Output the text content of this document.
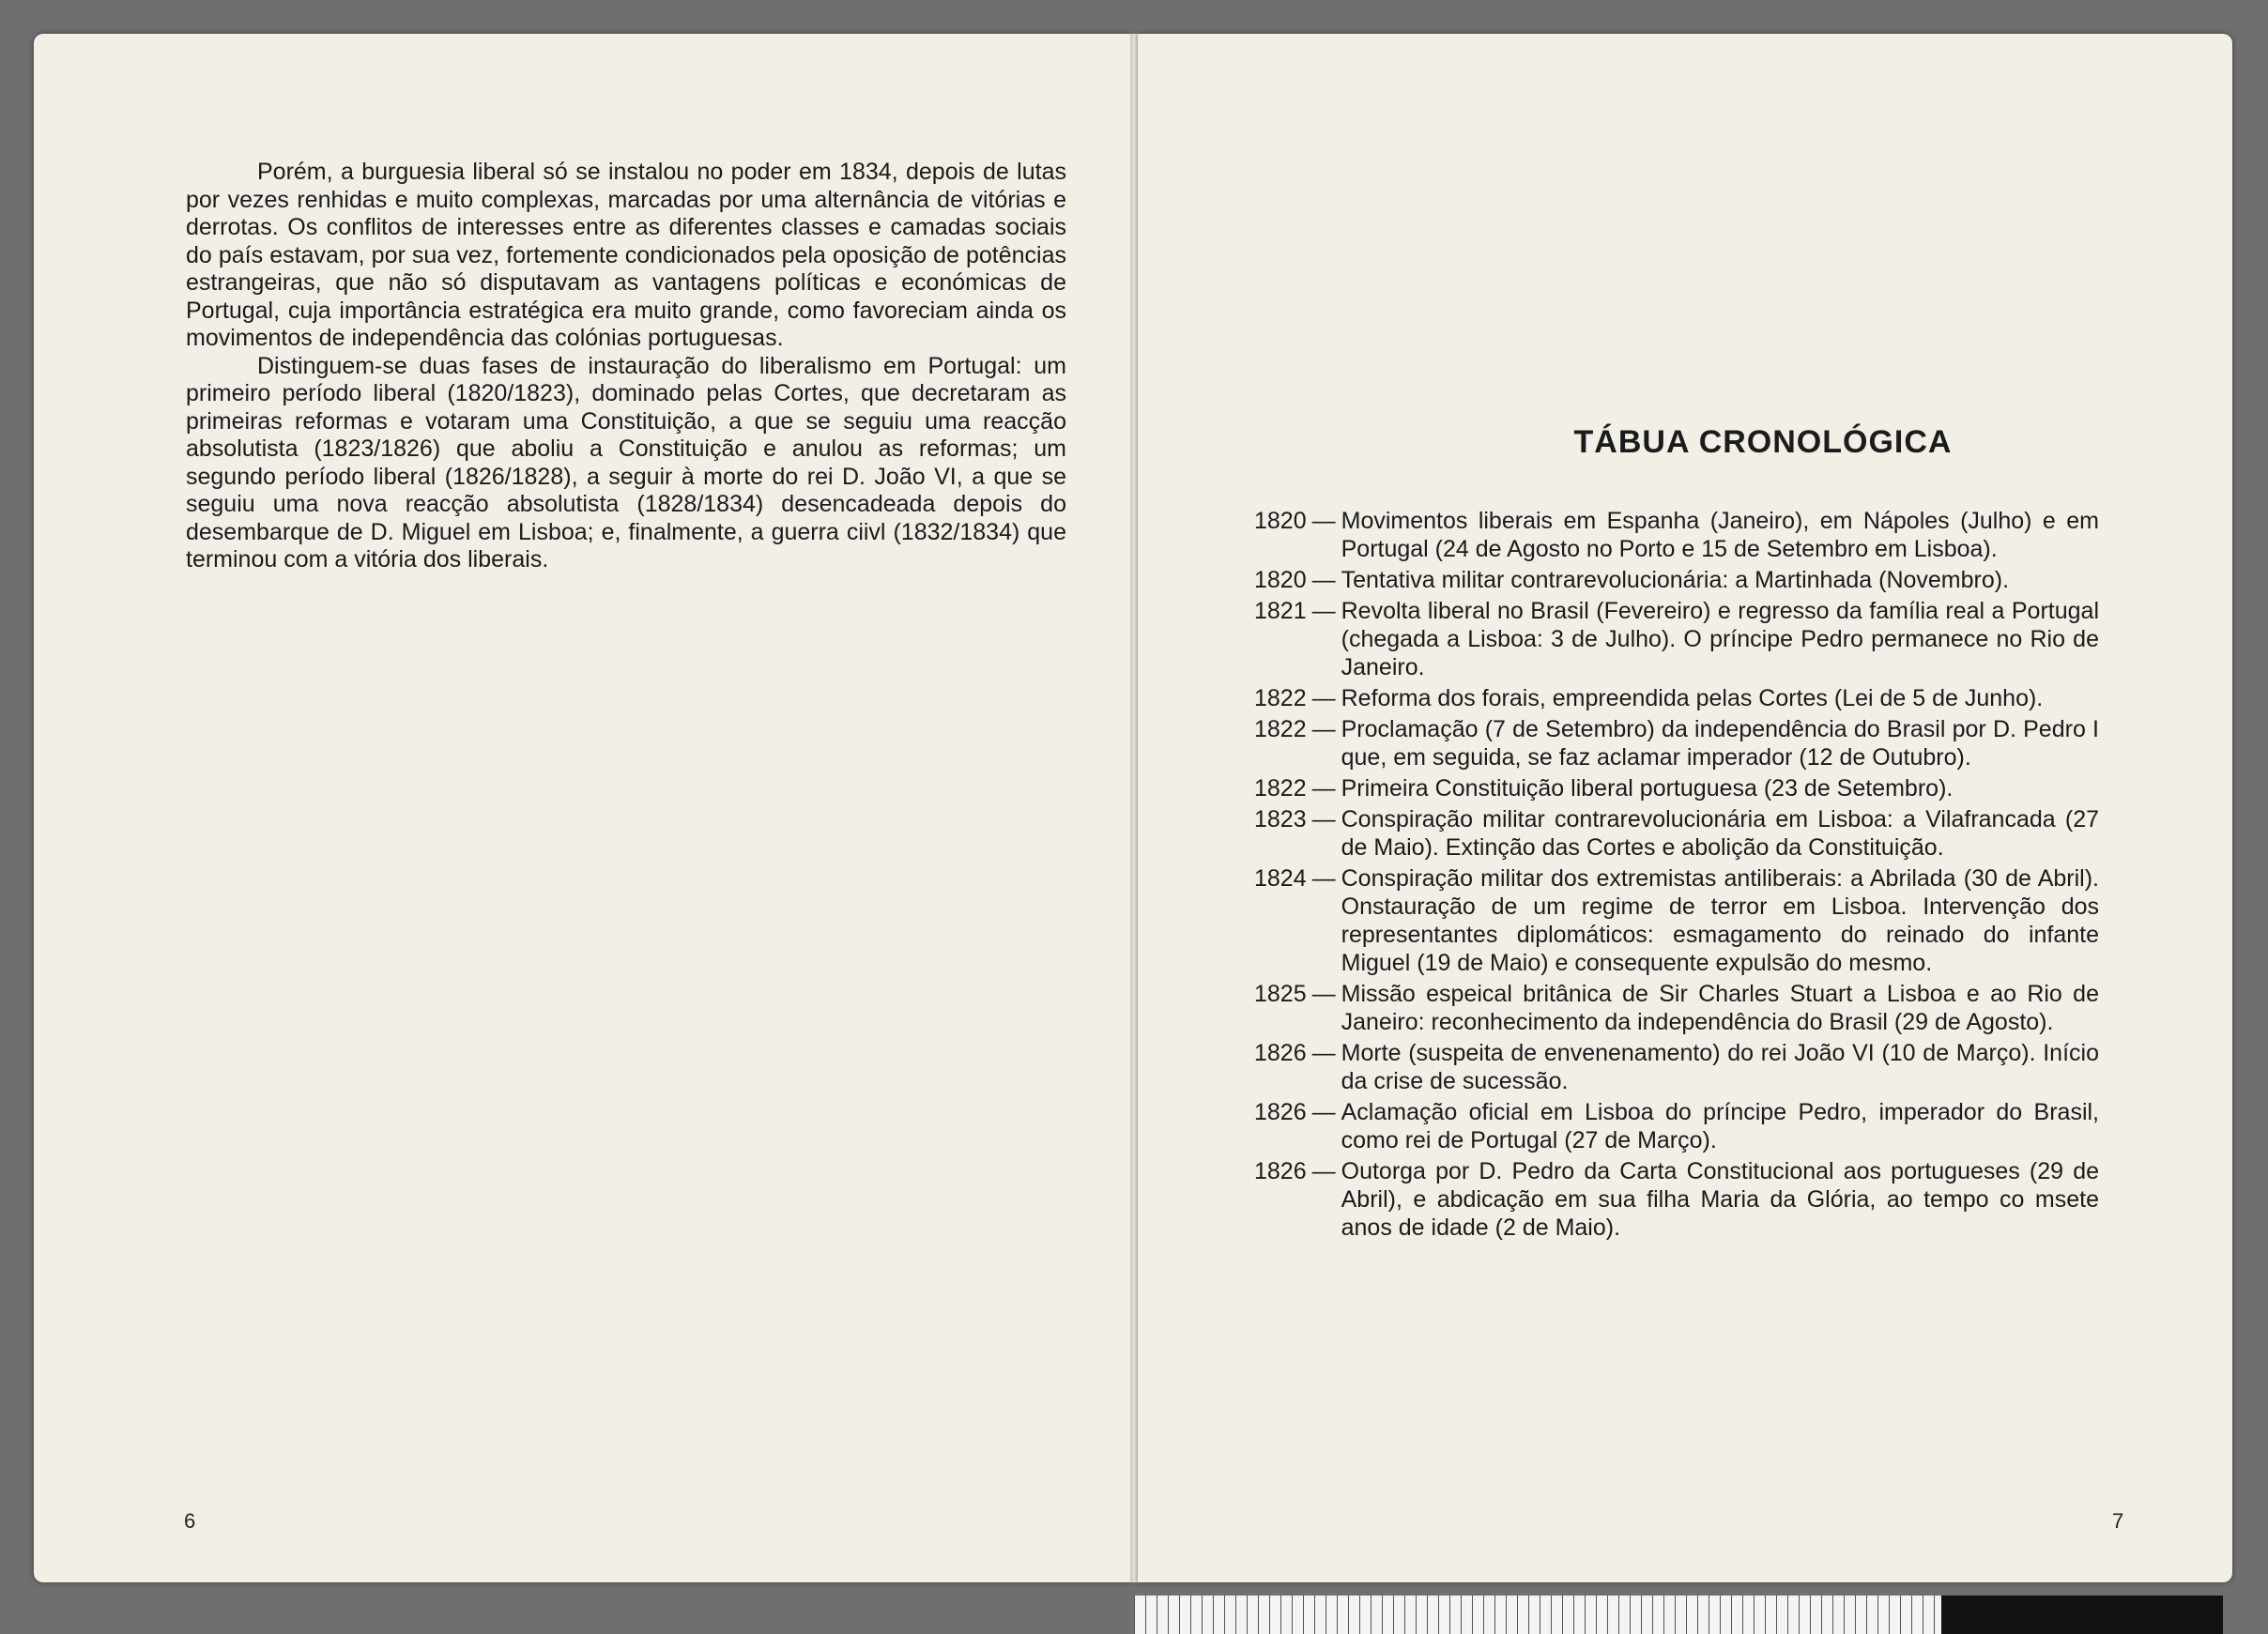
Porém, a burguesia liberal só se instalou no poder em 1834, depois de lutas por vezes renhidas e muito complexas, marcadas por uma alternância de vitórias e derrotas. Os conflitos de interesses entre as diferentes classes e camadas sociais do país estavam, por sua vez, fortemente condicionados pela oposição de potências estrangeiras, que não só disputavam as vantagens políticas e económicas de Portugal, cuja importância estratégica era muito grande, como favoreciam ainda os movimentos de independência das colónias portuguesas.

Distinguem-se duas fases de instauração do liberalismo em Portugal: um primeiro período liberal (1820/1823), dominado pelas Cortes, que decretaram as primeiras reformas e votaram uma Constituição, a que se seguiu uma reacção absolutista (1823/1826) que aboliu a Constituição e anulou as reformas; um segundo período liberal (1826/1828), a seguir à morte do rei D. João VI, a que se seguiu uma nova reacção absolutista (1828/1834) desencadeada depois do desembarque de D. Miguel em Lisboa; e, finalmente, a guerra ciivl (1832/1834) que terminou com a vitória dos liberais.

6	7
TÁBUA CRONOLÓGICA
1820 — Movimentos liberais em Espanha (Janeiro), em Nápoles (Julho) e em Portugal (24 de Agosto no Porto e 15 de Setembro em Lisboa).
1820 — Tentativa militar contrarevolucionária: a Martinhada (Novembro).
1821 — Revolta liberal no Brasil (Fevereiro) e regresso da família real a Portugal (chegada a Lisboa: 3 de Julho). O príncipe Pedro permanece no Rio de Janeiro.
1822 — Reforma dos forais, empreendida pelas Cortes (Lei de 5 de Junho).
1822 — Proclamação (7 de Setembro) da independência do Brasil por D. Pedro I que, em seguida, se faz aclamar imperador (12 de Outubro).
1822 — Primeira Constituição liberal portuguesa (23 de Setembro).
1823 — Conspiração militar contrarevolucionária em Lisboa: a Vilafrancada (27 de Maio). Extinção das Cortes e abolição da Constituição.
1824 — Conspiração militar dos extremistas antiliberais: a Abrilada (30 de Abril). Onstauração de um regime de terror em Lisboa. Intervenção dos representantes diplomáticos: esmagamento do reinado do infante Miguel (19 de Maio) e consequente expulsão do mesmo.
1825 — Missão espeical britânica de Sir Charles Stuart a Lisboa e ao Rio de Janeiro: reconhecimento da independência do Brasil (29 de Agosto).
1826 — Morte (suspeita de envenenamento) do rei João VI (10 de Março). Início da crise de sucessão.
1826 — Aclamação oficial em Lisboa do príncipe Pedro, imperador do Brasil, como rei de Portugal (27 de Março).
1826 — Outorga por D. Pedro da Carta Constitucional aos portugueses (29 de Abril), e abdicação em sua filha Maria da Glória, ao tempo co msete anos de idade (2 de Maio).
